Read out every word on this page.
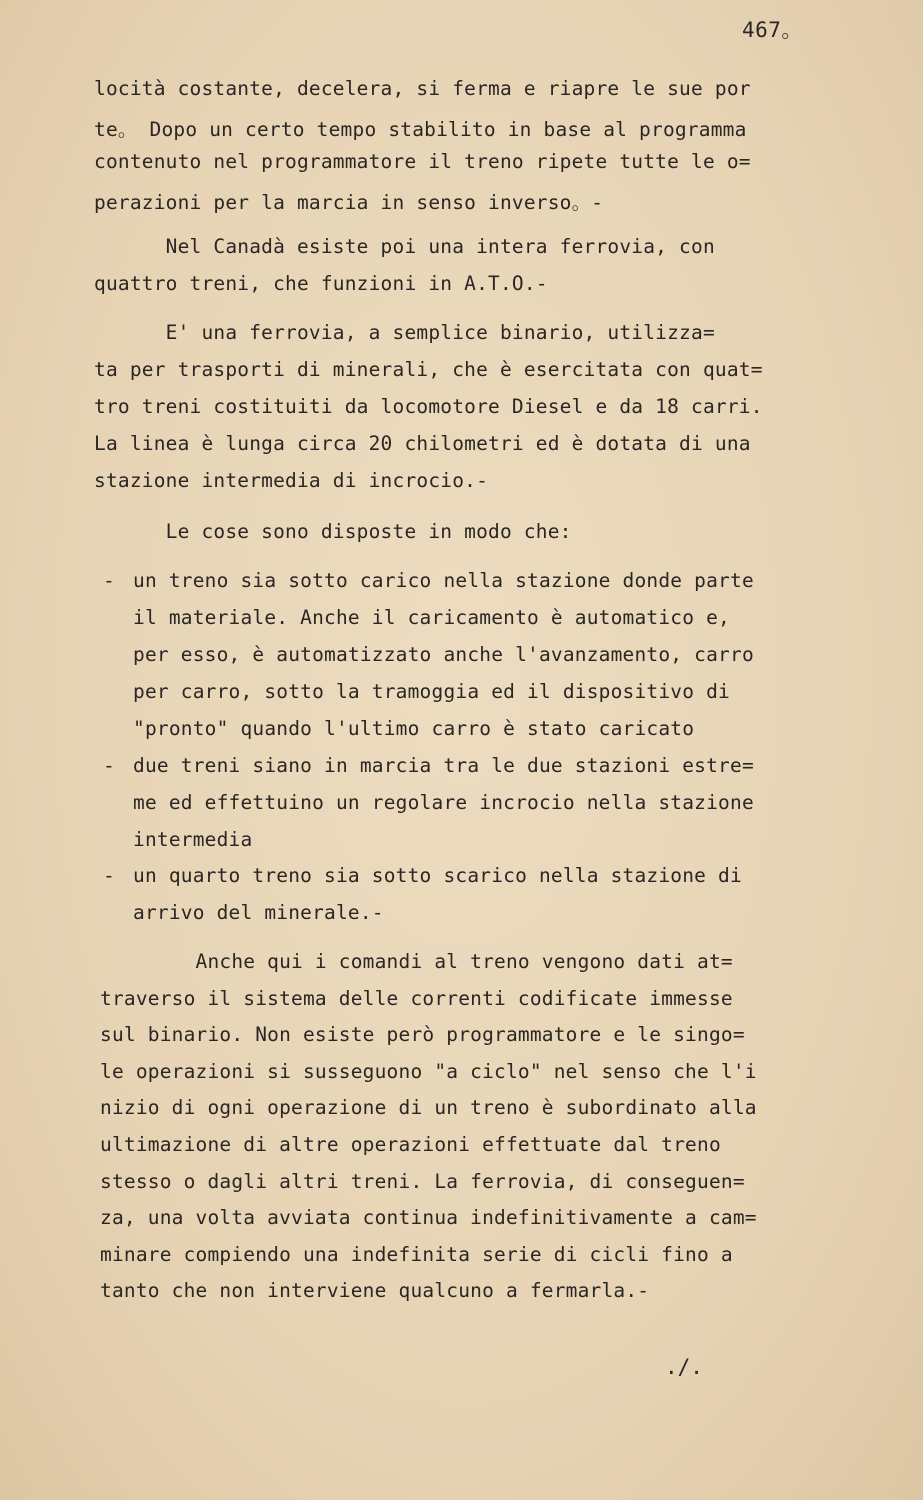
467。
locità costante, decelera, si ferma e riapre le sue por
te。 Dopo un certo tempo stabilito in base al programma
contenuto nel programmatore il treno ripete tutte le o=
perazioni per la marcia in senso inverso。-
Nel Canadà esiste poi una intera ferrovia, con
quattro treni, che funzioni in A.T.O.-
E' una ferrovia, a semplice binario, utilizza=
ta per trasporti di minerali, che è esercitata con quat=
tro treni costituiti da locomotore Diesel e da 18 carri.
La linea è lunga circa 20 chilometri ed è dotata di una
stazione intermedia di incrocio.-
Le cose sono disposte in modo che:
- un treno sia sotto carico nella stazione donde parte
il materiale. Anche il caricamento è automatico e,
per esso, è automatizzato anche l'avanzamento, carro
per carro, sotto la tramoggia ed il dispositivo di
"pronto" quando l'ultimo carro è stato caricato
- due treni siano in marcia tra le due stazioni estre=
me ed effettuino un regolare incrocio nella stazione
intermedia
- un quarto treno sia sotto scarico nella stazione di
arrivo del minerale.-
Anche qui i comandi al treno vengono dati at=
traverso il sistema delle correnti codificate immesse
sul binario. Non esiste però programmatore e le singo=
le operazioni si susseguono "a ciclo" nel senso che l'i
nizio di ogni operazione di un treno è subordinato alla
ultimazione di altre operazioni effettuate dal treno
stesso o dagli altri treni. La ferrovia, di conseguen=
za, una volta avviata continua indefinitivamente a cam=
minare compiendo una indefinita serie di cicli fino a
tanto che non interviene qualcuno a fermarla.-
./.
